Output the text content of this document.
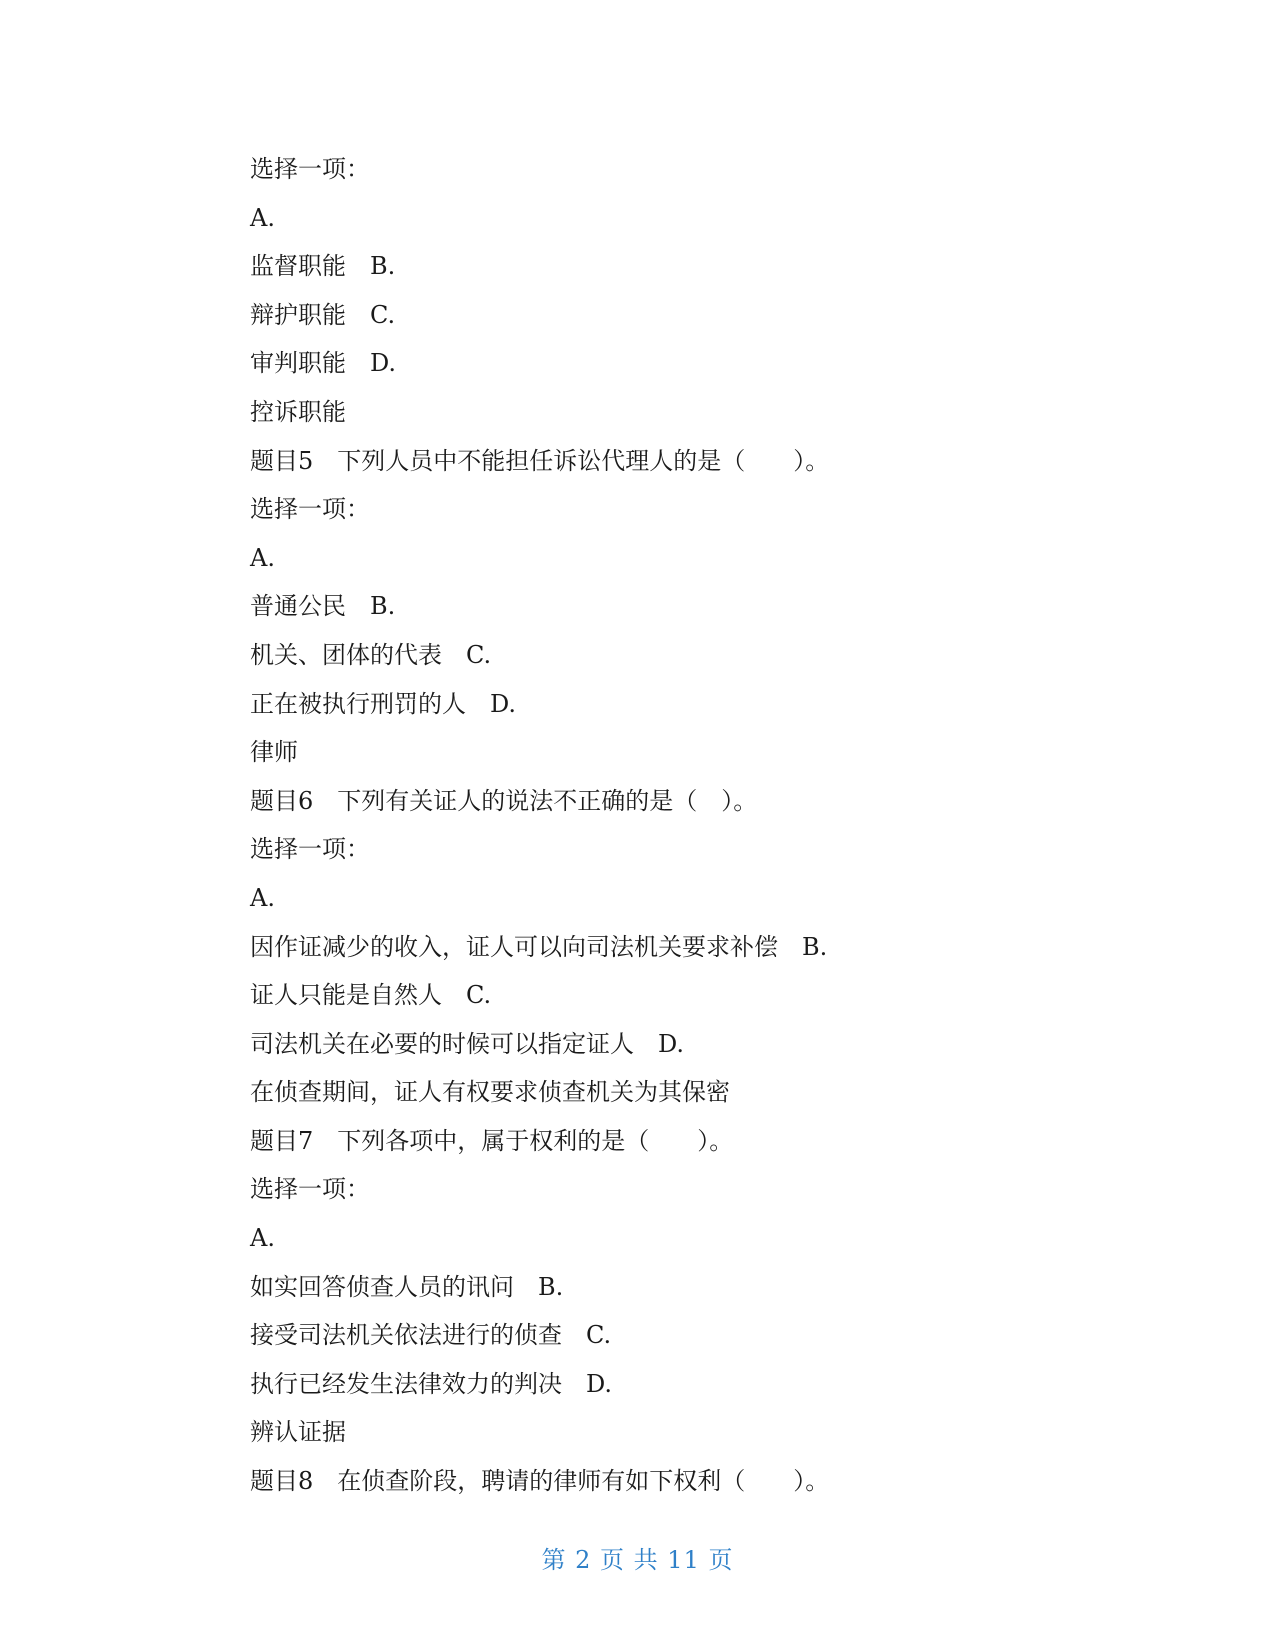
选择一项：

A.

监督职能　B.

辩护职能　C.

审判职能　D.

控诉职能

题目5　下列人员中不能担任诉讼代理人的是（　　）。

选择一项：

A.

普通公民　B.

机关、团体的代表　C.

正在被执行刑罚的人　D.

律师

题目6　下列有关证人的说法不正确的是（　）。

选择一项：

A.

因作证减少的收入，证人可以向司法机关要求补偿　B.

证人只能是自然人　C.

司法机关在必要的时候可以指定证人　D.

在侦查期间，证人有权要求侦查机关为其保密

题目7　下列各项中，属于权利的是（　　）。

选择一项：

A.

如实回答侦查人员的讯问　B.

接受司法机关依法进行的侦查　C.

执行已经发生法律效力的判决　D.

辨认证据

题目8　在侦查阶段，聘请的律师有如下权利（　　）。

第 2 页 共 11 页
